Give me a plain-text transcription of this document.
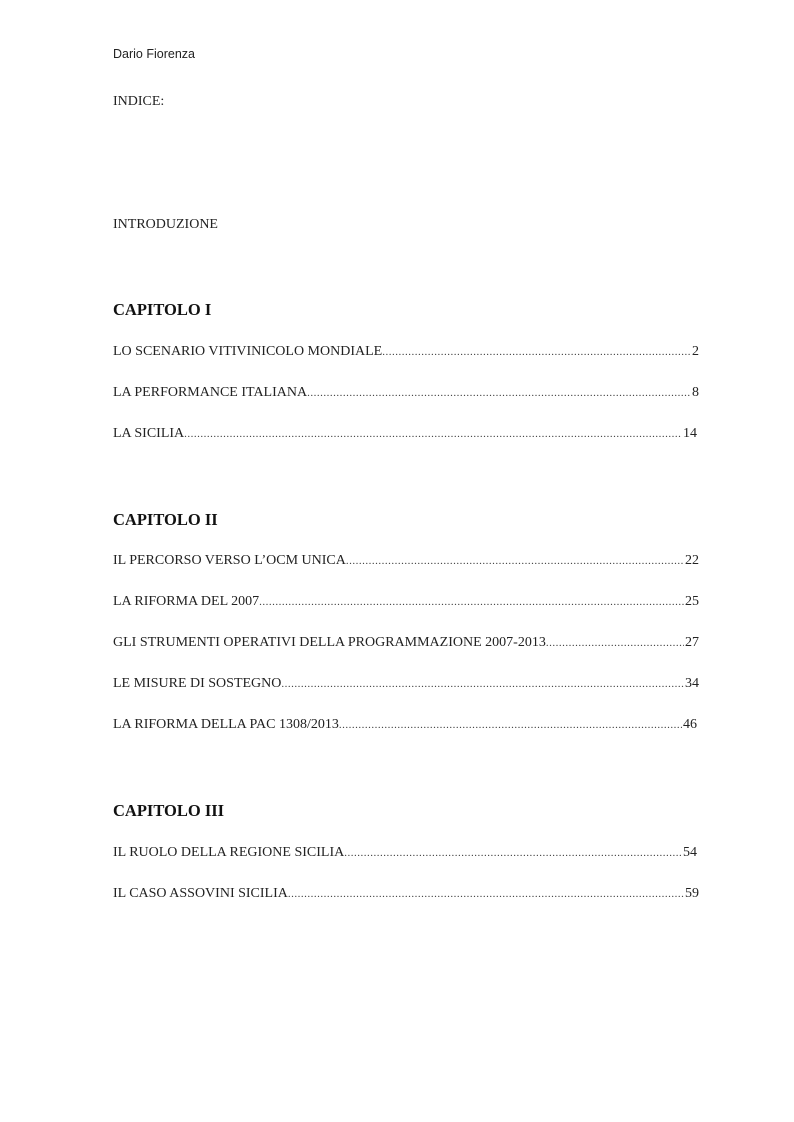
Dario Fiorenza
INDICE:
INTRODUZIONE
CAPITOLO I
LO SCENARIO VITIVINICOLO MONDIALE .....	2
LA PERFORMANCE ITALIANA .....	8
LA SICILIA .....	14
CAPITOLO II
IL PERCORSO VERSO L’OCM UNICA .....	22
LA RIFORMA DEL 2007 .....	25
GLI STRUMENTI OPERATIVI DELLA PROGRAMMAZIONE 2007-2013 .....	27
LE MISURE DI SOSTEGNO .....	34
LA RIFORMA DELLA PAC 1308/2013 .....	46
CAPITOLO III
IL RUOLO DELLA REGIONE SICILIA .....	54
IL CASO ASSOVINI SICILIA .....	59
